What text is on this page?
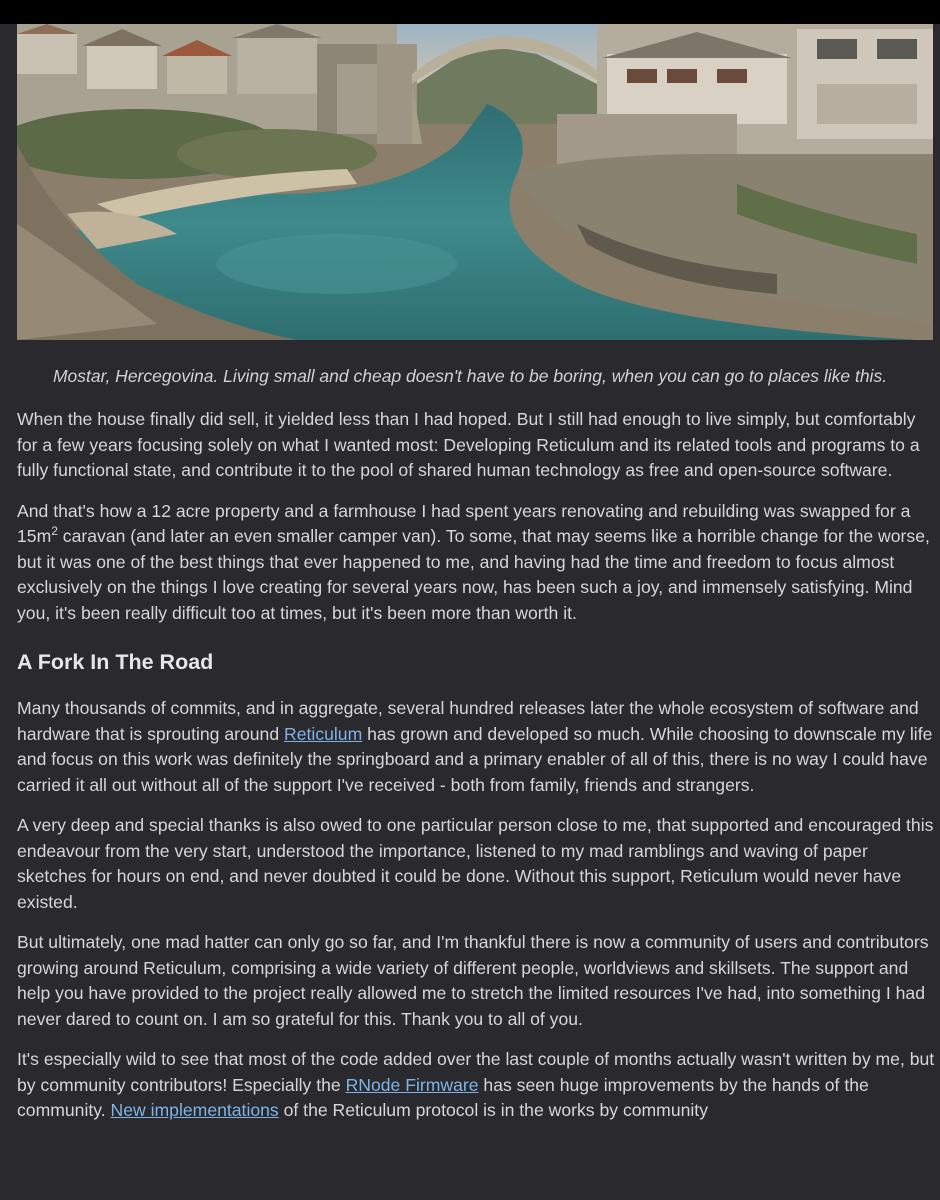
Mostar, Hercegovina. Living small and cheap doesn't have to be boring, when you can go to places like this.

When the house finally did sell, it yielded less than I had hoped. But I still had enough to live simply, but comfortably for a few years focusing solely on what I wanted most: Developing Reticulum and its related tools and programs to a fully functional state, and contribute it to the pool of shared human technology as free and open-source software.

And that's how a 12 acre property and a farmhouse I had spent years renovating and rebuilding was swapped for a $15m^2$ caravan (and later an even smaller camper van). To some, that may seems like a horrible change for the worse, but it was one of the best things that ever happened to me, and having had the time and freedom to focus almost exclusively on the things I love creating for several years now, has been such a joy, and immensely satisfying. Mind you, it's been really difficult too at times, but it's been more than worth it.

A Fork In The Road

Many thousands of commits, and in aggregate, several hundred releases later the whole ecosystem of software and hardware that is sprouting around Reticulum has grown and developed so much. While choosing to downscale my life and focus on this work was definitely the springboard and a primary enabler of all of this, there is no way I could have carried it all out without all of the support I've received - both from family, friends and strangers.

A very deep and special thanks is also owed to one particular person close to me, that supported and encouraged this endeavour from the very start, understood the importance, listened to my mad ramblings and waving of paper sketches for hours on end, and never doubted it could be done. Without this support, Reticulum would never have existed.

But ultimately, one mad hatter can only go so far, and I'm thankful there is now a community of users and contributors growing around Reticulum, comprising a wide variety of different people, worldviews and skillsets. The support and help you have provided to the project really allowed me to stretch the limited resources I've had, into something I had never dared to count on. I am so grateful for this. Thank you to all of you.

It's especially wild to see that most of the code added over the last couple of months actually wasn't written by me, but by community contributors! Especially the RNode Firmware has seen huge improvements by the hands of the community. New implementations of the Reticulum protocol is in the works by community
